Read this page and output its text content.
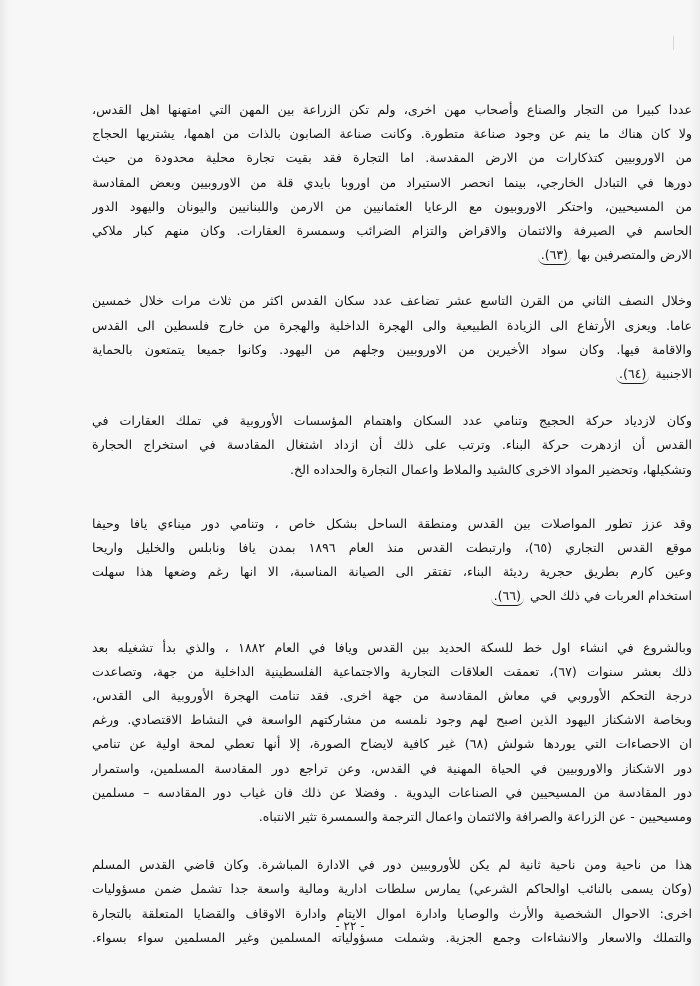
عددا كبيرا من التجار والصناع وأصحاب مهن اخرى، ولم تكن الزراعة بين المهن التي امتهنها اهل القدس،
ولا كان هناك ما ينم عن وجود صناعة متطورة. وكانت صناعة الصابون بالذات من اهمها، يشتريها الحجاج
من الاوروبيين كتذكارات من الارض المقدسة. اما التجارة فقد بقيت تجارة محلية محدودة من حيث
دورها في التبادل الخارجي، بينما انحصر الاستيراد من اوروبا بايدي قلة من الاوروبيين وبعض المقادسة
من المسيحيين، واحتكر الاوروبيون مع الرعايا العثمانيين من الارمن واللبنانيين واليونان واليهود الدور
الحاسم في الصيرفة والائتمان والاقراض والتزام الضرائب وسمسرة العقارات. وكان منهم كبار ملاكي
الارض والمتصرفين بها (٦٣).

وخلال النصف الثاني من القرن التاسع عشر تضاعف عدد سكان القدس اكثر من ثلاث مرات خلال خمسين
عاما. ويعزى الأرتفاع الى الزيادة الطبيعية والى الهجرة الداخلية والهجرة من خارج فلسطين الى القدس
والاقامة فيها. وكان سواد الأخيرين من الاوروبيين وجلهم من اليهود. وكانوا جميعا يتمتعون بالحماية
الاجنبية (٦٤).

وكان لازدياد حركة الحجيج وتنامي عدد السكان واهتمام المؤسسات الأوروبية في تملك العقارات في
القدس أن ازدهرت حركة البناء. وترتب على ذلك أن ازداد اشتغال المقادسة في استخراج الحجارة
وتشكيلها، وتحضير المواد الاخرى كالشيد والملاط واعمال التجارة والحداده الخ.

وقد عزز تطور المواصلات بين القدس ومنطقة الساحل بشكل خاص ، وتنامي دور ميناءي يافا وحيفا
موقع القدس التجاري (٦٥)، وارتبطت القدس منذ العام ١٨٩٦ بمدن يافا ونابلس والخليل واريحا
وعين كارم بطريق حجرية رديئة البناء، تفتقر الى الصيانة المناسبة، الا انها رغم وضعها هذا سهلت
استخدام العربات في ذلك الحي (٦٦).

وبالشروع في انشاء اول خط للسكة الحديد بين القدس ويافا في العام ١٨٨٢ ، والذي بدأ تشغيله بعد
ذلك بعشر سنوات (٦٧)، تعمقت العلاقات التجارية والاجتماعية الفلسطينية الداخلية من جهة، وتصاعدت
درجة التحكم الأوروبي في معاش المقادسة من جهة اخرى. فقد تنامت الهجرة الأوروبية الى القدس،
وبخاصة الاشكناز اليهود الذين اصبح لهم وجود نلمسه من مشاركتهم الواسعة في النشاط الاقتصادي. ورغم
ان الاحصاءات التي يوردها شولش (٦٨) غير كافية لايضاح الصورة، إلا أنها تعطي لمحة اولية عن تنامي
دور الاشكناز والاوروبيين في الحياة المهنية في القدس، وعن تراجع دور المقادسة المسلمين، واستمرار
دور المقادسة من المسيحيين في الصناعات اليدوية . وفضلا عن ذلك فان غياب دور المقادسه – مسلمين
ومسيحيين - عن الزراعة والصرافة والائتمان واعمال الترجمة والسمسرة تثير الانتباه.

هذا من ناحية ومن ناحية ثانية لم يكن للأوروبيين دور في الادارة المباشرة. وكان قاضي القدس المسلم
(وكان يسمى بالنائب اوالحاكم الشرعي) يمارس سلطات ادارية ومالية واسعة جدا تشمل ضمن مسؤوليات
اخرى: الاحوال الشخصية والأرث والوصايا وادارة اموال الايتام وادارة الاوقاف والقضايا المتعلقة بالتجارة
والتملك والاسعار والانشاءات وجمع الجزية. وشملت مسؤولياته المسلمين وغير المسلمين سواء بسواء.

- ٢٢ -
